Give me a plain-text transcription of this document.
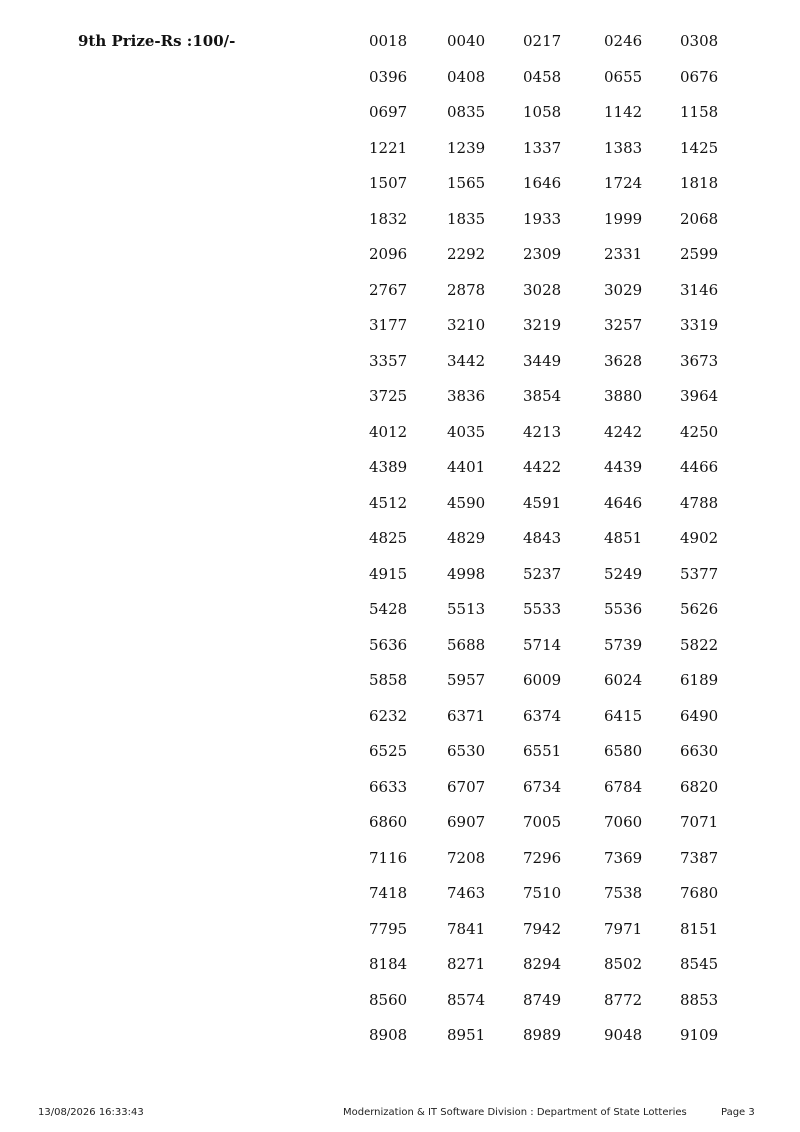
9th Prize-Rs :100/-	0018	0040	0217	0246	0308
0396	0408	0458	0655	0676
0697	0835	1058	1142	1158
1221	1239	1337	1383	1425
1507	1565	1646	1724	1818
1832	1835	1933	1999	2068
2096	2292	2309	2331	2599
2767	2878	3028	3029	3146
3177	3210	3219	3257	3319
3357	3442	3449	3628	3673
3725	3836	3854	3880	3964
4012	4035	4213	4242	4250
4389	4401	4422	4439	4466
4512	4590	4591	4646	4788
4825	4829	4843	4851	4902
4915	4998	5237	5249	5377
5428	5513	5533	5536	5626
5636	5688	5714	5739	5822
5858	5957	6009	6024	6189
6232	6371	6374	6415	6490
6525	6530	6551	6580	6630
6633	6707	6734	6784	6820
6860	6907	7005	7060	7071
7116	7208	7296	7369	7387
7418	7463	7510	7538	7680
7795	7841	7942	7971	8151
8184	8271	8294	8502	8545
8560	8574	8749	8772	8853
8908	8951	8989	9048	9109
13/08/2026 16:33:43	Modernization & IT Software Division : Department of State Lotteries	Page 3
